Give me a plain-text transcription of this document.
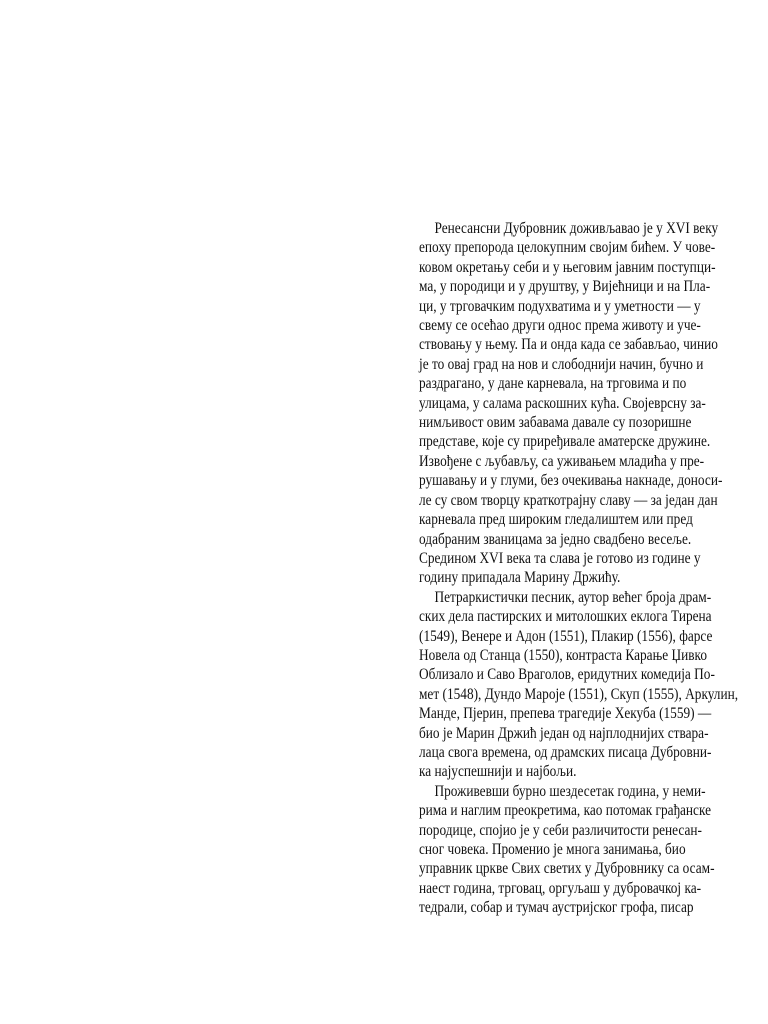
Ренесансни Дубровник доживљавао је у XVI веку
епоху препорода целокупним својим бићем. У чове-
ковом окретању себи и у његовим јавним поступци-
ма, у породици и у друштву, у Вијећници и на Пла-
ци, у трговачким подухватима и у уметности — у
свему се осећао други однос према животу и уче-
ствовању у њему. Па и онда када се забављао, чинио
је то овај град на нов и слободнији начин, бучно и
раздрагано, у дане карневала, на трговима и по
улицама, у салама раскошних кућа. Својеврсну за-
нимљивост овим забавама давале су позоришне
представе, које су приређивале аматерске дружине.
Извођене с љубављу, са уживањем младића у пре-
рушавању и у глуми, без очекивања накнаде, доноси-
ле су свом творцу краткотрајну славу — за један дан
карневала пред широким гледалиштем или пред
одабраним званицама за једно свадбено весеље.
Средином XVI века та слава је готово из године у
годину припадала Марину Држићу.
Петраркистички песник, аутор већег броја драм-
ских дела пастирских и митолошких еклога Тирена
(1549), Венере и Адон (1551), Плакир (1556), фарсе
Новела од Станца (1550), контраста Карање Џивко
Облизало и Саво Враголов, еридутних комедија По-
мет (1548), Дундо Мароје (1551), Скуп (1555), Аркулин,
Манде, Пјерин, препева трагедије Хекуба (1559) —
био је Марин Држић један од најплоднијих ствара-
лаца свога времена, од драмских писаца Дубровни-
ка најуспешнији и најбољи.
Проживевши бурно шездесетак година, у неми-
рима и наглим преокретима, као потомак грађанске
породице, спојио је у себи различитости ренесан-
сног човека. Променио је многа занимања, био
управник цркве Свих светих у Дубровнику са осам-
наест година, трговац, оргуљаш у дубровачкој ка-
тедрали, собар и тумач аустријског грофа, писар
